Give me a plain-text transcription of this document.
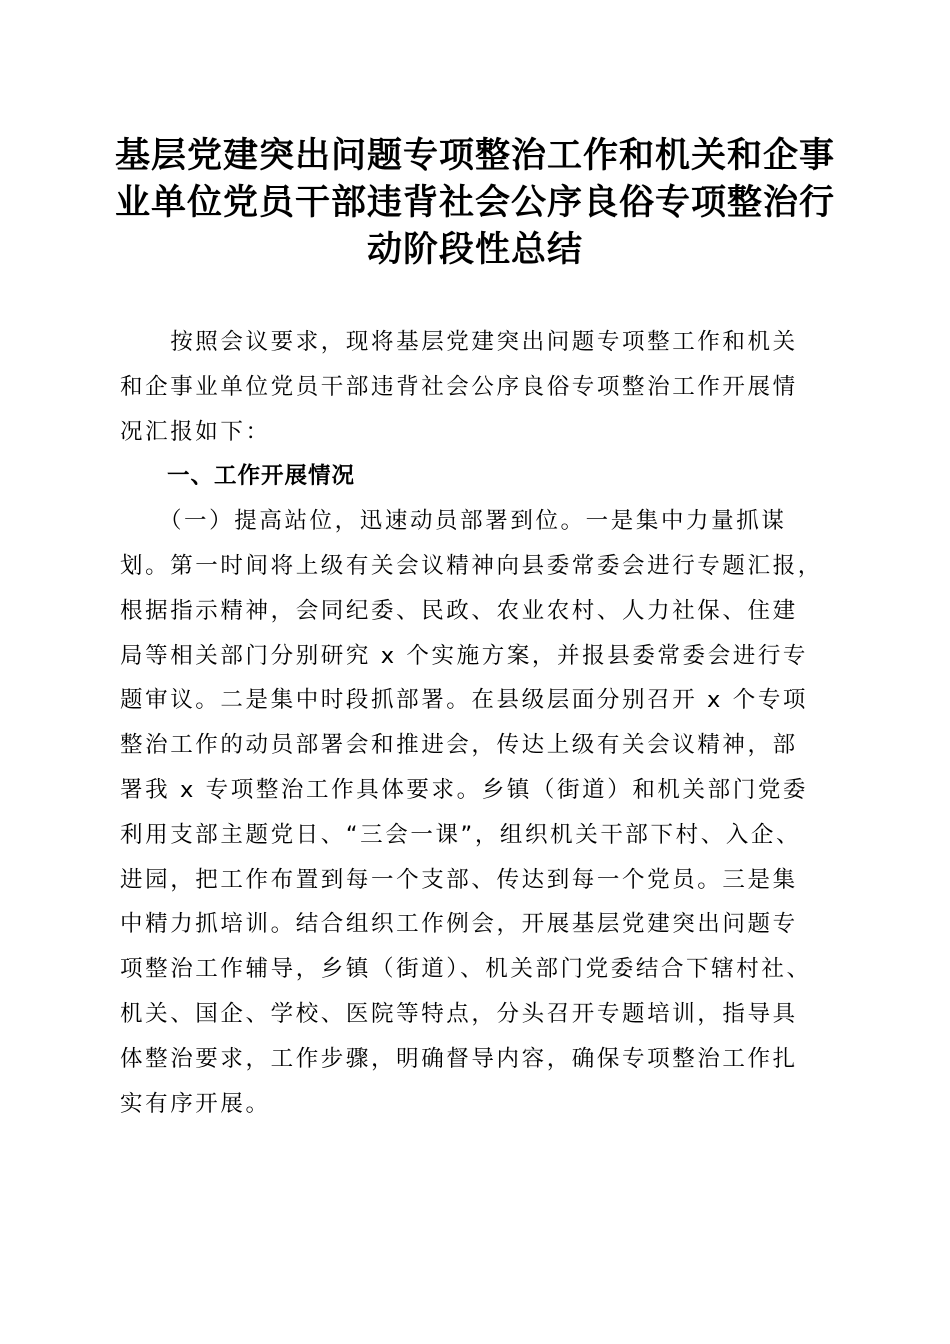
基层党建突出问题专项整治工作和机关和企事
业单位党员干部违背社会公序良俗专项整治行
动阶段性总结
　　按照会议要求，现将基层党建突出问题专项整工作和机关
和企事业单位党员干部违背社会公序良俗专项整治工作开展情
况汇报如下：
　　一、工作开展情况
　　（一）提高站位，迅速动员部署到位。一是集中力量抓谋
划。第一时间将上级有关会议精神向县委常委会进行专题汇报，
根据指示精神，会同纪委、民政、农业农村、人力社保、住建
局等相关部门分别研究 x 个实施方案，并报县委常委会进行专
题审议。二是集中时段抓部署。在县级层面分别召开 x 个专项
整治工作的动员部署会和推进会，传达上级有关会议精神，部
署我 x 专项整治工作具体要求。乡镇（街道）和机关部门党委
利用支部主题党日、“三会一课”，组织机关干部下村、入企、
进园，把工作布置到每一个支部、传达到每一个党员。三是集
中精力抓培训。结合组织工作例会，开展基层党建突出问题专
项整治工作辅导，乡镇（街道）、机关部门党委结合下辖村社、
机关、国企、学校、医院等特点，分头召开专题培训，指导具
体整治要求，工作步骤，明确督导内容，确保专项整治工作扎
实有序开展。
